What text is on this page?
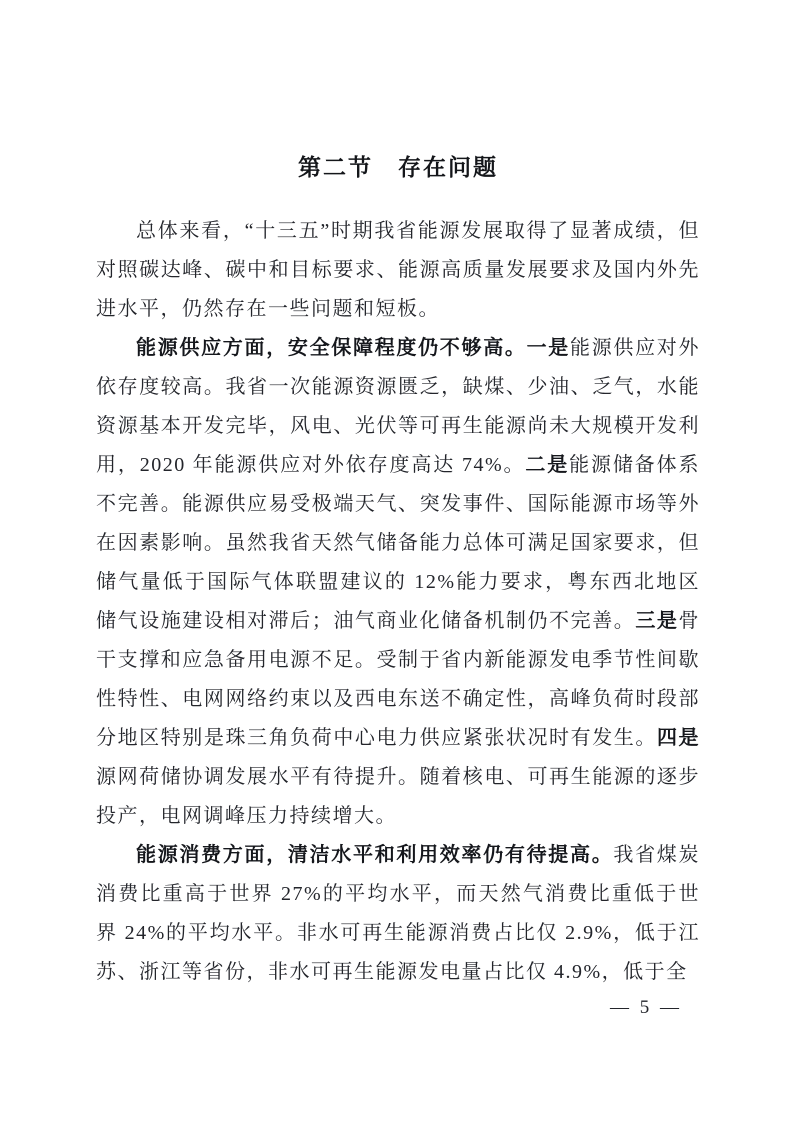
第二节　存在问题

总体来看，“十三五”时期我省能源发展取得了显著成绩，但对照碳达峰、碳中和目标要求、能源高质量发展要求及国内外先进水平，仍然存在一些问题和短板。

能源供应方面，安全保障程度仍不够高。一是能源供应对外依存度较高。我省一次能源资源匮乏，缺煤、少油、乏气，水能资源基本开发完毕，风电、光伏等可再生能源尚未大规模开发利用，2020 年能源供应对外依存度高达 74%。二是能源储备体系不完善。能源供应易受极端天气、突发事件、国际能源市场等外在因素影响。虽然我省天然气储备能力总体可满足国家要求，但储气量低于国际气体联盟建议的 12%能力要求，粤东西北地区储气设施建设相对滞后；油气商业化储备机制仍不完善。三是骨干支撑和应急备用电源不足。受制于省内新能源发电季节性间歇性特性、电网网络约束以及西电东送不确定性，高峰负荷时段部分地区特别是珠三角负荷中心电力供应紧张状况时有发生。四是源网荷储协调发展水平有待提升。随着核电、可再生能源的逐步投产，电网调峰压力持续增大。

能源消费方面，清洁水平和利用效率仍有待提高。我省煤炭消费比重高于世界 27%的平均水平，而天然气消费比重低于世界 24%的平均水平。非水可再生能源消费占比仅 2.9%，低于江苏、浙江等省份，非水可再生能源发电量占比仅 4.9%，低于全

— 5 —
